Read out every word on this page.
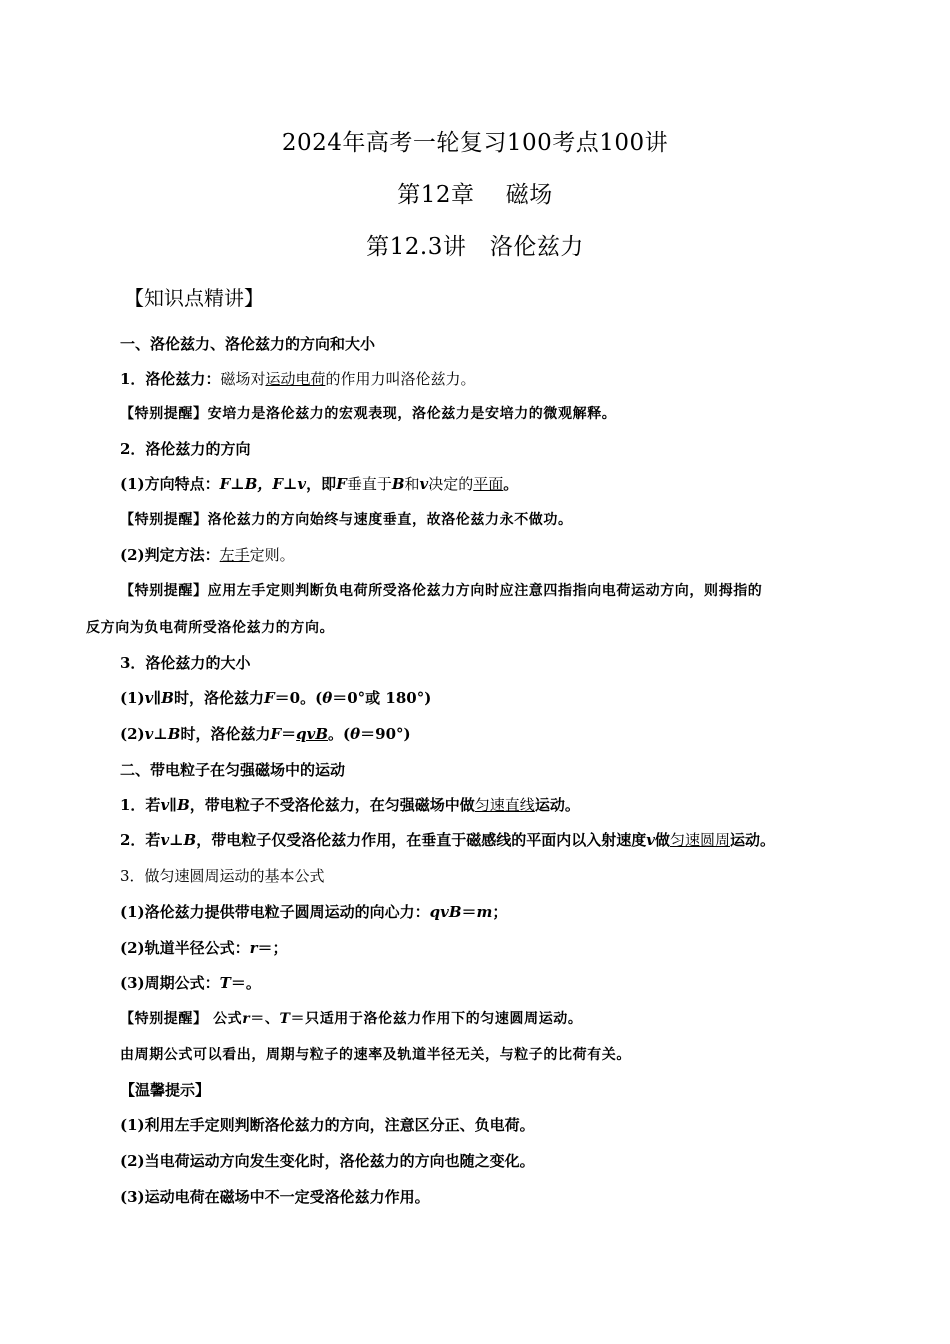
2024年高考一轮复习100考点100讲
第12章　 磁场
第12.3讲　洛伦兹力
【知识点精讲】
一、洛伦兹力、洛伦兹力的方向和大小
1．洛伦兹力：磁场对运动电荷的作用力叫洛伦兹力。
【特别提醒】安培力是洛伦兹力的宏观表现，洛伦兹力是安培力的微观解释。
2．洛伦兹力的方向
(1)方向特点：F⊥B，F⊥v，即F垂直于B和v决定的平面。
【特别提醒】洛伦兹力的方向始终与速度垂直，故洛伦兹力永不做功。
(2)判定方法：左手定则。
【特别提醒】应用左手定则判断负电荷所受洛伦兹力方向时应注意四指指向电荷运动方向，则拇指的
反方向为负电荷所受洛伦兹力的方向。
3．洛伦兹力的大小
(1)v∥B时，洛伦兹力F＝0。(θ＝0°或 180°)
(2)v⊥B时，洛伦兹力F＝qvB。(θ＝90°)
二、带电粒子在匀强磁场中的运动
1．若v∥B，带电粒子不受洛伦兹力，在匀强磁场中做匀速直线运动。
2．若v⊥B，带电粒子仅受洛伦兹力作用，在垂直于磁感线的平面内以入射速度v做匀速圆周运动。
3．做匀速圆周运动的基本公式
(1)洛伦兹力提供带电粒子圆周运动的向心力：qvB＝m；
(2)轨道半径公式：r＝；
(3)周期公式：T＝。
【特别提醒】 公式r＝、T＝只适用于洛伦兹力作用下的匀速圆周运动。
由周期公式可以看出，周期与粒子的速率及轨道半径无关，与粒子的比荷有关。
【温馨提示】
(1)利用左手定则判断洛伦兹力的方向，注意区分正、负电荷。
(2)当电荷运动方向发生变化时，洛伦兹力的方向也随之变化。
(3)运动电荷在磁场中不一定受洛伦兹力作用。
